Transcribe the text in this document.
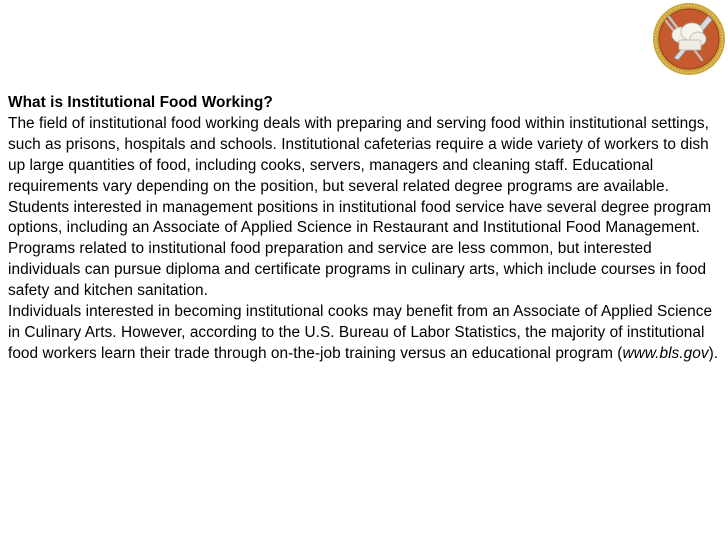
What is Institutional Food Working?

The field of institutional food working deals with preparing and serving food within institutional settings, such as prisons, hospitals and schools. Institutional cafeterias require a wide variety of workers to dish up large quantities of food, including cooks, servers, managers and cleaning staff. Educational requirements vary depending on the position, but several related degree programs are available.

Students interested in management positions in institutional food service have several degree program options, including an Associate of Applied Science in Restaurant and Institutional Food Management. Programs related to institutional food preparation and service are less common, but interested individuals can pursue diploma and certificate programs in culinary arts, which include courses in food safety and kitchen sanitation.

Individuals interested in becoming institutional cooks may benefit from an Associate of Applied Science in Culinary Arts. However, according to the U.S. Bureau of Labor Statistics, the majority of institutional food workers learn their trade through on-the-job training versus an educational program (www.bls.gov).
